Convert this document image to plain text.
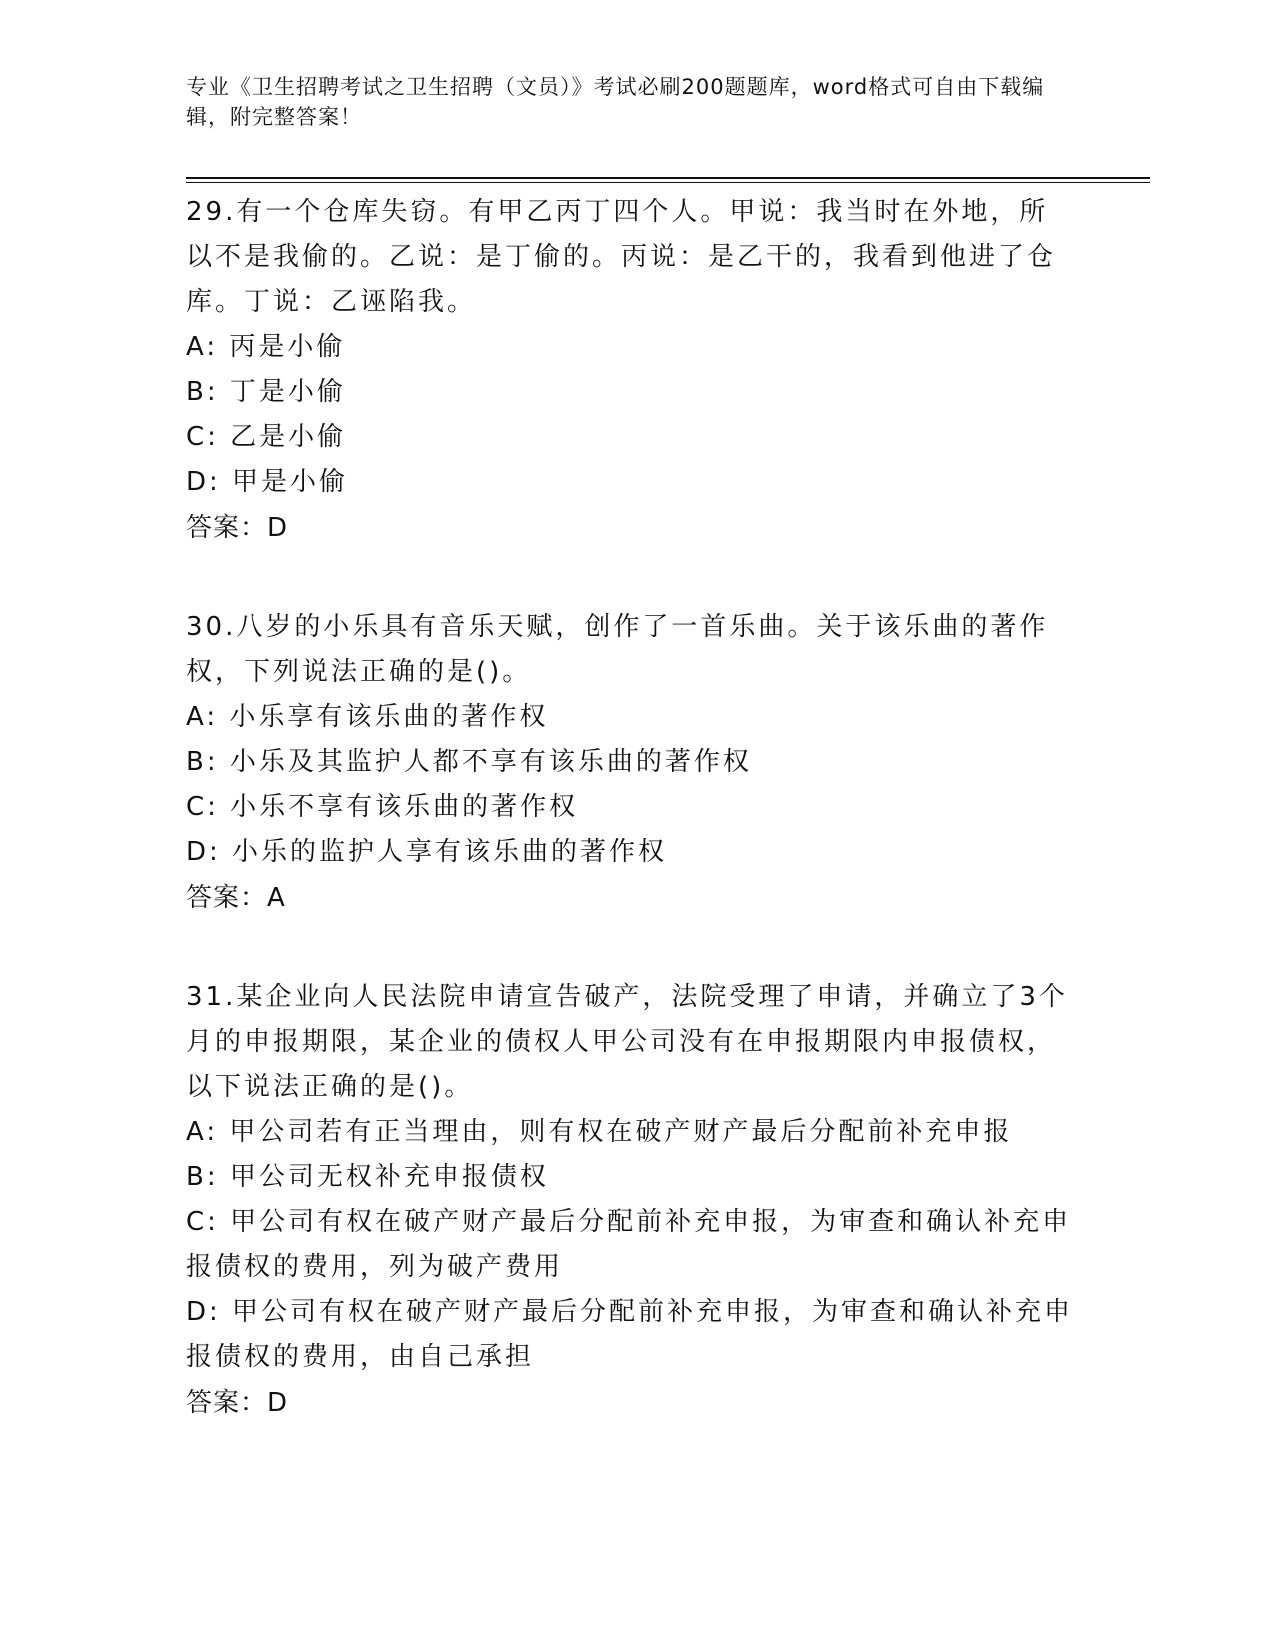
专业《卫生招聘考试之卫生招聘（文员）》考试必刷200题题库，word格式可自由下载编辑，附完整答案！

29.有一个仓库失窃。有甲乙丙丁四个人。甲说：我当时在外地，所以不是我偷的。乙说：是丁偷的。丙说：是乙干的，我看到他进了仓库。丁说：乙诬陷我。

A: 丙是小偷

B: 丁是小偷

C: 乙是小偷

D: 甲是小偷

答案：D

30.八岁的小乐具有音乐天赋，创作了一首乐曲。关于该乐曲的著作权，下列说法正确的是()。

A: 小乐享有该乐曲的著作权

B: 小乐及其监护人都不享有该乐曲的著作权

C: 小乐不享有该乐曲的著作权

D: 小乐的监护人享有该乐曲的著作权

答案：A

31.某企业向人民法院申请宣告破产，法院受理了申请，并确立了3个月的申报期限，某企业的债权人甲公司没有在申报期限内申报债权，以下说法正确的是()。

A: 甲公司若有正当理由，则有权在破产财产最后分配前补充申报

B: 甲公司无权补充申报债权

C: 甲公司有权在破产财产最后分配前补充申报，为审查和确认补充申报债权的费用，列为破产费用

D: 甲公司有权在破产财产最后分配前补充申报，为审查和确认补充申报债权的费用，由自己承担

答案：D
